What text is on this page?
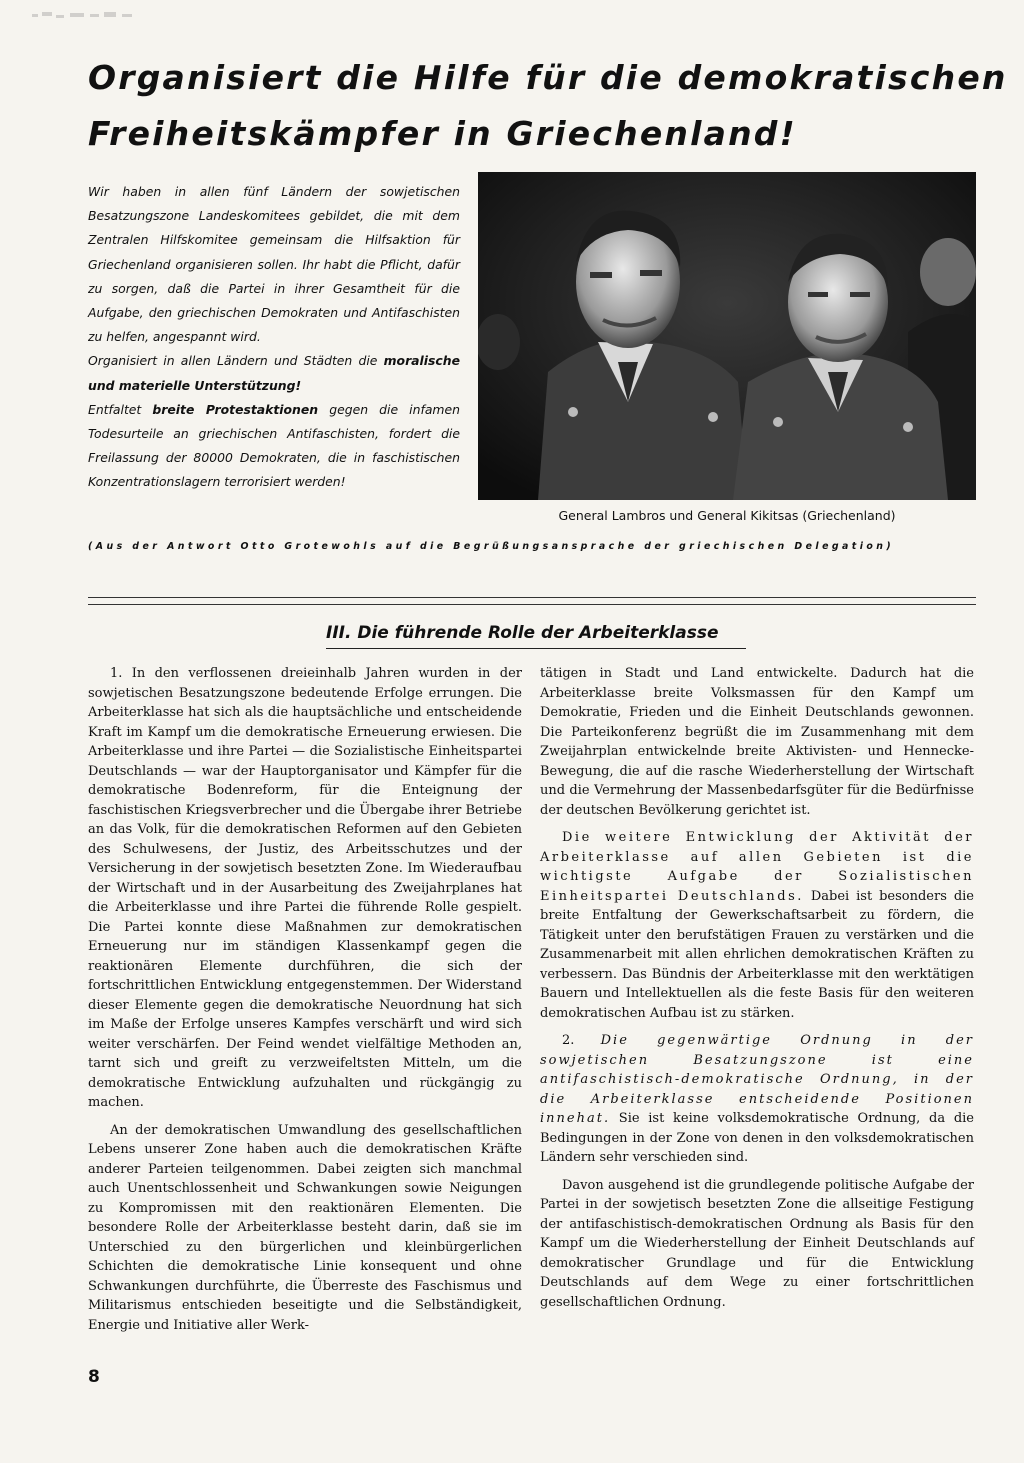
Organisiert die Hilfe für die demokratischen
Freiheitskämpfer in Griechenland!
Wir haben in allen fünf Ländern der sowjetischen Besatzungszone Landeskomitees gebildet, die mit dem Zentralen Hilfskomitee gemeinsam die Hilfsaktion für Griechenland organisieren sollen. Ihr habt die Pflicht, dafür zu sorgen, daß die Partei in ihrer Gesamtheit für die Aufgabe, den griechischen Demokraten und Antifaschisten zu helfen, angespannt wird.
Organisiert in allen Ländern und Städten die moralische und materielle Unterstützung!
Entfaltet breite Protestaktionen gegen die infamen Todesurteile an griechischen Antifaschisten, fordert die Freilassung der 80000 Demokraten, die in faschistischen Konzentrationslagern terrorisiert werden!

General Lambros und General Kikitsas (Griechenland)

(Aus der Antwort Otto Grotewohls auf die Begrüßungsansprache der griechischen Delegation)

III. Die führende Rolle der Arbeiterklasse

1. In den verflossenen dreieinhalb Jahren wurden in der sowjetischen Besatzungszone bedeutende Erfolge errungen. Die Arbeiterklasse hat sich als die hauptsächliche und entscheidende Kraft im Kampf um die demokratische Erneuerung erwiesen. Die Arbeiterklasse und ihre Partei — die Sozialistische Einheitspartei Deutschlands — war der Hauptorganisator und Kämpfer für die demokratische Bodenreform, für die Enteignung der faschistischen Kriegsverbrecher und die Übergabe ihrer Betriebe an das Volk, für die demokratischen Reformen auf den Gebieten des Schulwesens, der Justiz, des Arbeitsschutzes und der Versicherung in der sowjetisch besetzten Zone. Im Wiederaufbau der Wirtschaft und in der Ausarbeitung des Zweijahrplanes hat die Arbeiterklasse und ihre Partei die führende Rolle gespielt. Die Partei konnte diese Maßnahmen zur demokratischen Erneuerung nur im ständigen Klassenkampf gegen die reaktionären Elemente durchführen, die sich der fortschrittlichen Entwicklung entgegenstemmen. Der Widerstand dieser Elemente gegen die demokratische Neuordnung hat sich im Maße der Erfolge unseres Kampfes verschärft und wird sich weiter verschärfen. Der Feind wendet vielfältige Methoden an, tarnt sich und greift zu verzweifeltsten Mitteln, um die demokratische Entwicklung aufzuhalten und rückgängig zu machen.

An der demokratischen Umwandlung des gesellschaftlichen Lebens unserer Zone haben auch die demokratischen Kräfte anderer Parteien teilgenommen. Dabei zeigten sich manchmal auch Unentschlossenheit und Schwankungen sowie Neigungen zu Kompromissen mit den reaktionären Elementen. Die besondere Rolle der Arbeiterklasse besteht darin, daß sie im Unterschied zu den bürgerlichen und kleinbürgerlichen Schichten die demokratische Linie konsequent und ohne Schwankungen durchführte, die Überreste des Faschismus und Militarismus entschieden beseitigte und die Selbständigkeit, Energie und Initiative aller Werk-

tätigen in Stadt und Land entwickelte. Dadurch hat die Arbeiterklasse breite Volksmassen für den Kampf um Demokratie, Frieden und die Einheit Deutschlands gewonnen. Die Parteikonferenz begrüßt die im Zusammenhang mit dem Zweijahrplan entwickelnde breite Aktivisten- und Hennecke-Bewegung, die auf die rasche Wiederherstellung der Wirtschaft und die Vermehrung der Massenbedarfsgüter für die Bedürfnisse der deutschen Bevölkerung gerichtet ist.

Die weitere Entwicklung der Aktivität der Arbeiterklasse auf allen Gebieten ist die wichtigste Aufgabe der Sozialistischen Einheitspartei Deutschlands. Dabei ist besonders die breite Entfaltung der Gewerkschaftsarbeit zu fördern, die Tätigkeit unter den berufstätigen Frauen zu verstärken und die Zusammenarbeit mit allen ehrlichen demokratischen Kräften zu verbessern. Das Bündnis der Arbeiterklasse mit den werktätigen Bauern und Intellektuellen als die feste Basis für den weiteren demokratischen Aufbau ist zu stärken.

2. Die gegenwärtige Ordnung in der sowjetischen Besatzungszone ist eine antifaschistisch-demokratische Ordnung, in der die Arbeiterklasse entscheidende Positionen innehat. Sie ist keine volksdemokratische Ordnung, da die Bedingungen in der Zone von denen in den volksdemokratischen Ländern sehr verschieden sind.

Davon ausgehend ist die grundlegende politische Aufgabe der Partei in der sowjetisch besetzten Zone die allseitige Festigung der antifaschistisch-demokratischen Ordnung als Basis für den Kampf um die Wiederherstellung der Einheit Deutschlands auf demokratischer Grundlage und für die Entwicklung Deutschlands auf dem Wege zu einer fortschrittlichen gesellschaftlichen Ordnung.

8
